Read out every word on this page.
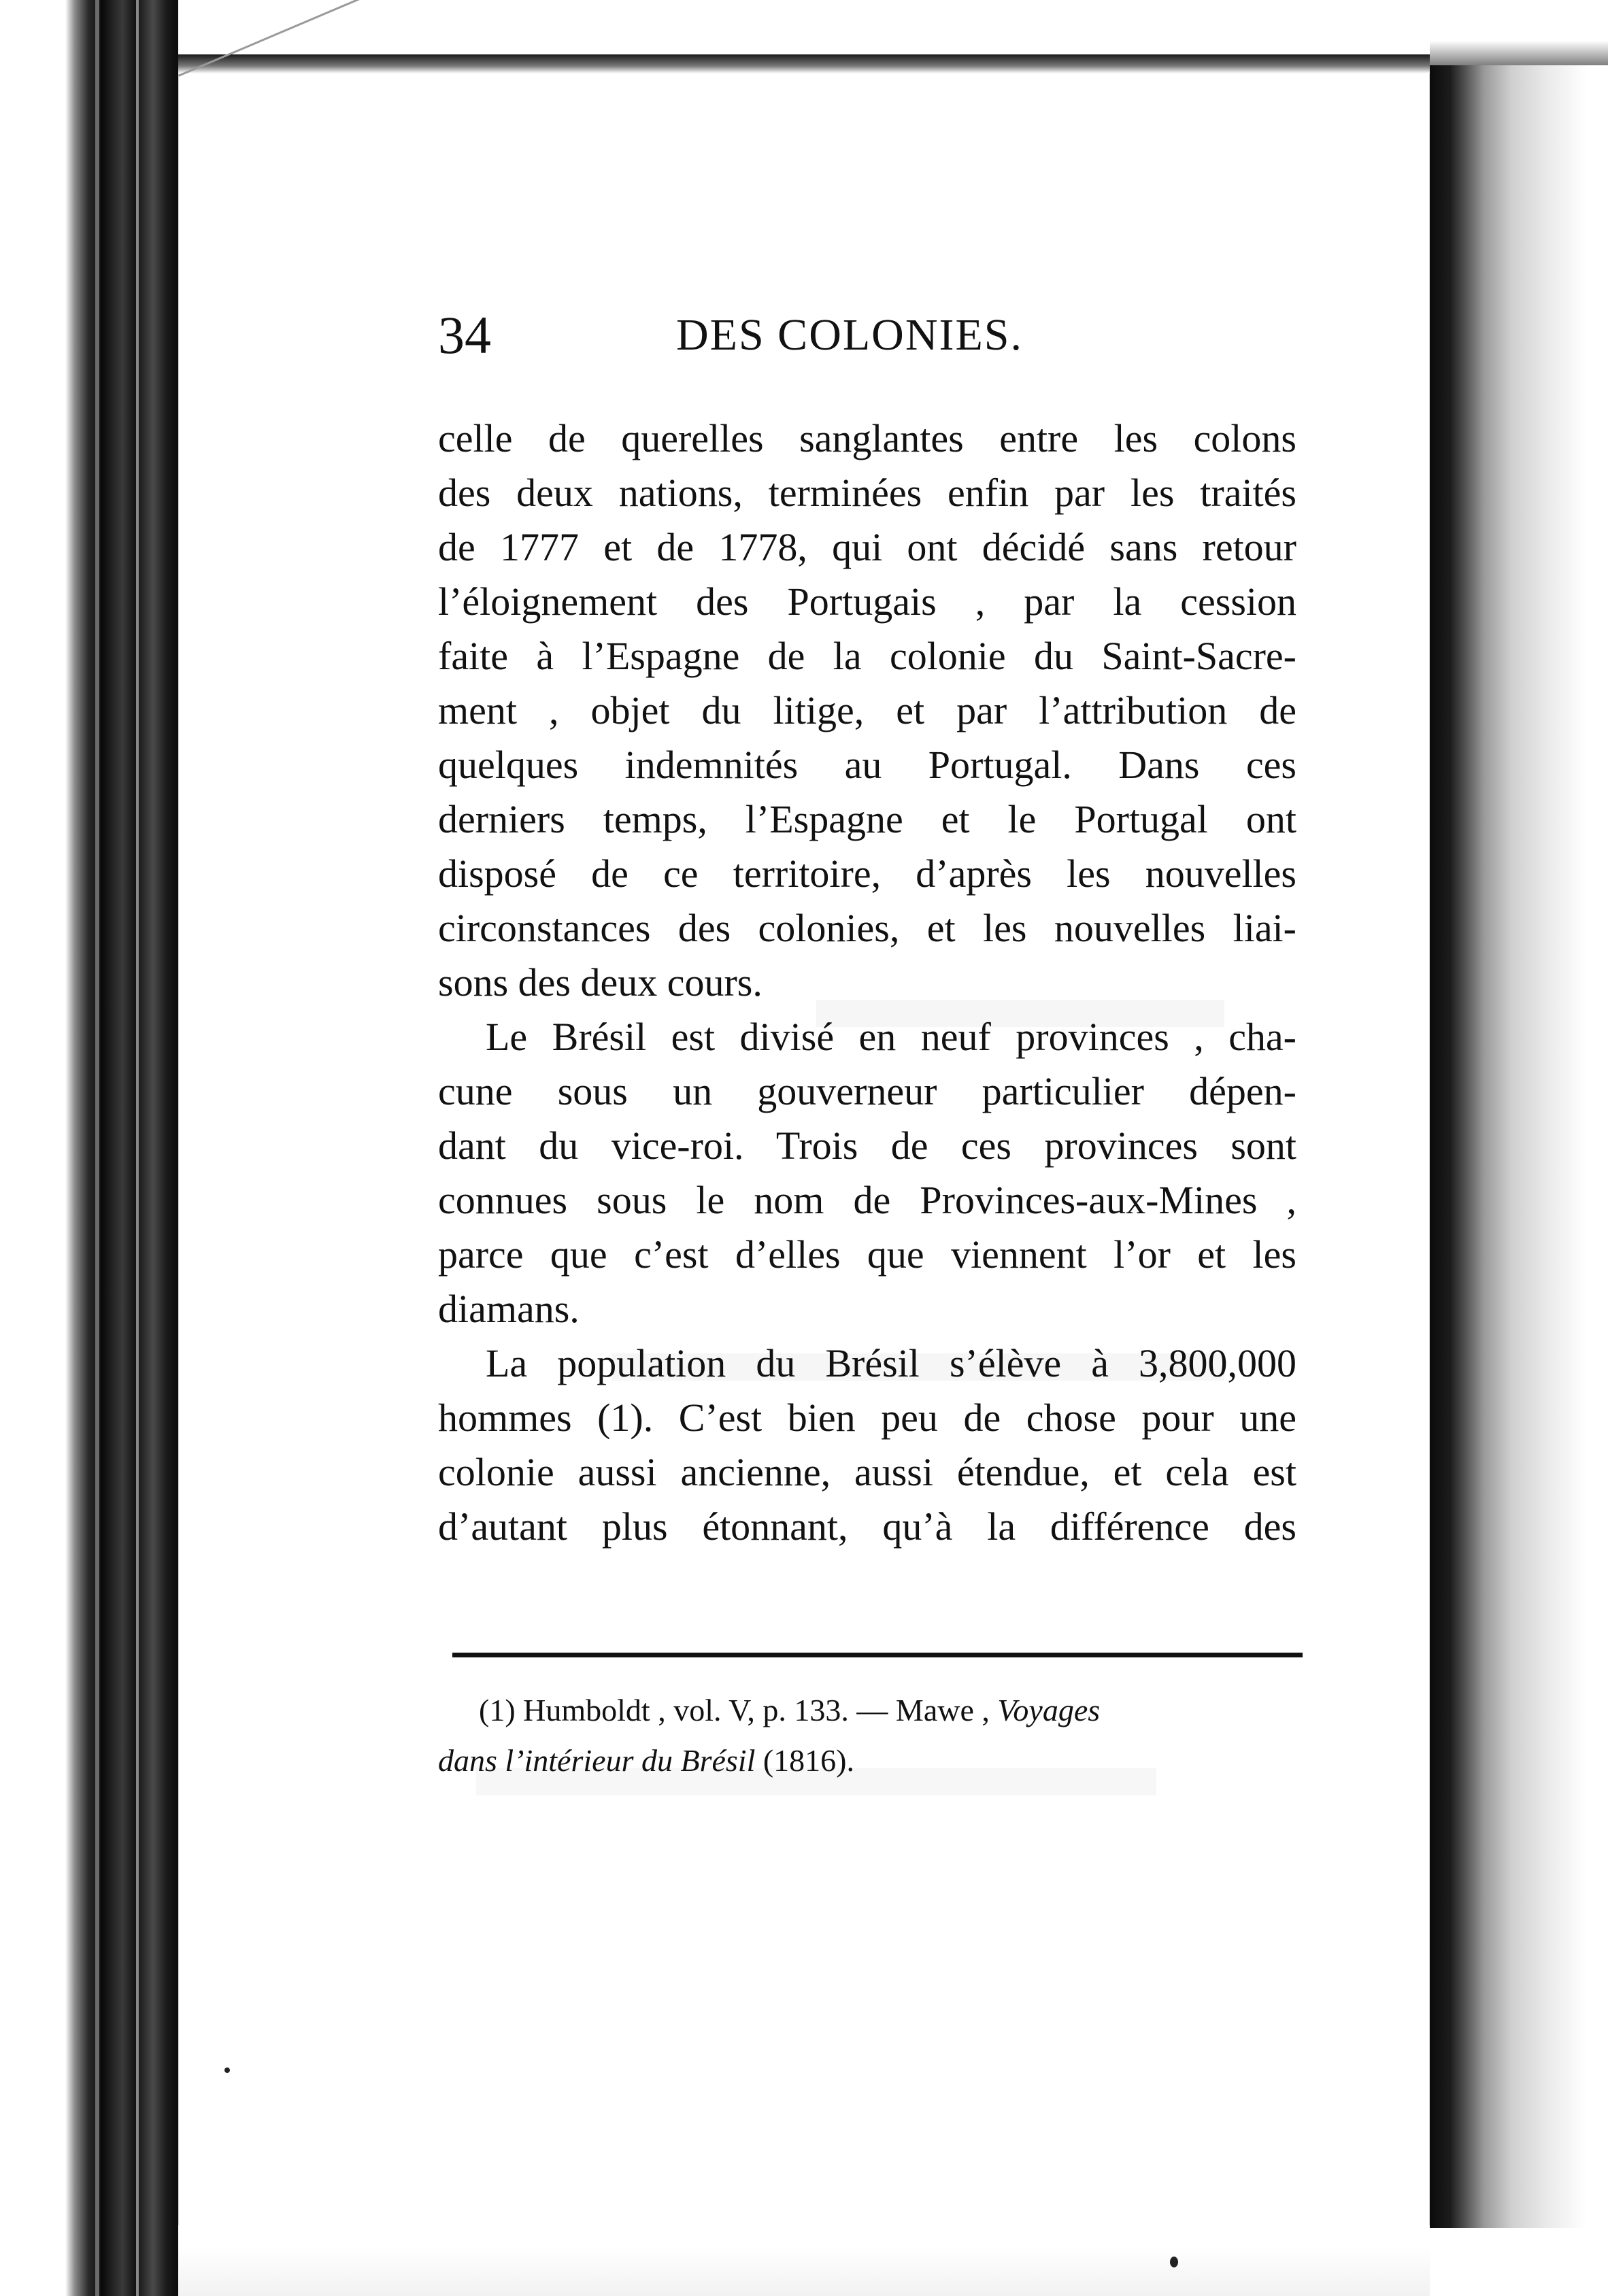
34	DES COLONIES.
celle de querelles sanglantes entre les colons
des deux nations, terminées enfin par les traités
de 1777 et de 1778, qui ont décidé sans retour
l’éloignement des Portugais , par la cession
faite à l’Espagne de la colonie du Saint-Sacre-
ment , objet du litige, et par l’attribution de
quelques indemnités au Portugal. Dans ces
derniers temps, l’Espagne et le Portugal ont
disposé de ce territoire, d’après les nouvelles
circonstances des colonies, et les nouvelles liai-
sons des deux cours.
Le Brésil est divisé en neuf provinces , cha-
cune sous un gouverneur particulier dépen-
dant du vice-roi. Trois de ces provinces sont
connues sous le nom de Provinces-aux-Mines ,
parce que c’est d’elles que viennent l’or et les
diamans.
La population du Brésil s’élève à 3,800,000
hommes (1). C’est bien peu de chose pour une
colonie aussi ancienne, aussi étendue, et cela est
d’autant plus étonnant, qu’à la différence des
(1) Humboldt , vol. V, p. 133. — Mawe , Voyages
dans l’intérieur du Brésil (1816).
